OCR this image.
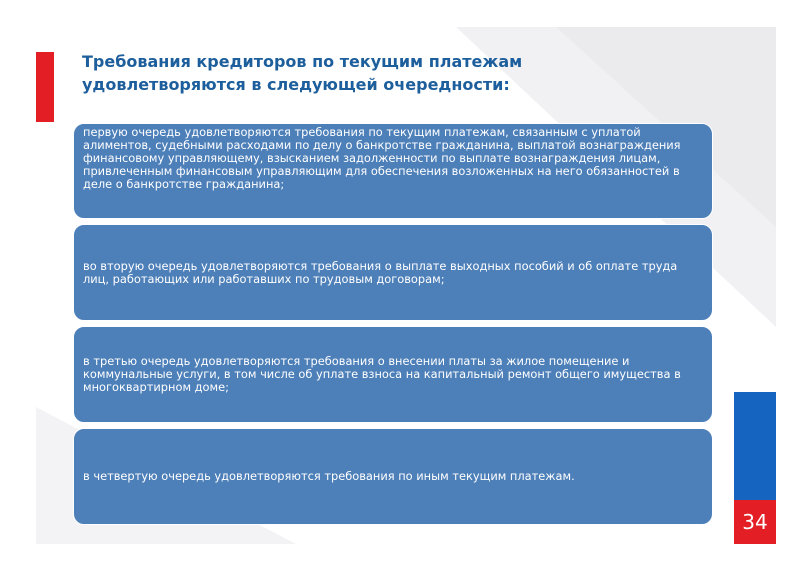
Требования кредиторов по текущим платежам
удовлетворяются в следующей очередности:

первую очередь удовлетворяются требования по текущим платежам, связанным с уплатой алиментов, судебными расходами по делу о банкротстве гражданина, выплатой вознаграждения финансовому управляющему, взысканием задолженности по выплате вознаграждения лицам, привлеченным финансовым управляющим для обеспечения возложенных на него обязанностей в деле о банкротстве гражданина;

во вторую очередь удовлетворяются требования о выплате выходных пособий и об оплате труда лиц, работающих или работавших по трудовым договорам;

в третью очередь удовлетворяются требования о внесении платы за жилое помещение и коммунальные услуги, в том числе об уплате взноса на капитальный ремонт общего имущества в многоквартирном доме;

в четвертую очередь удовлетворяются требования по иным текущим платежам.

34
